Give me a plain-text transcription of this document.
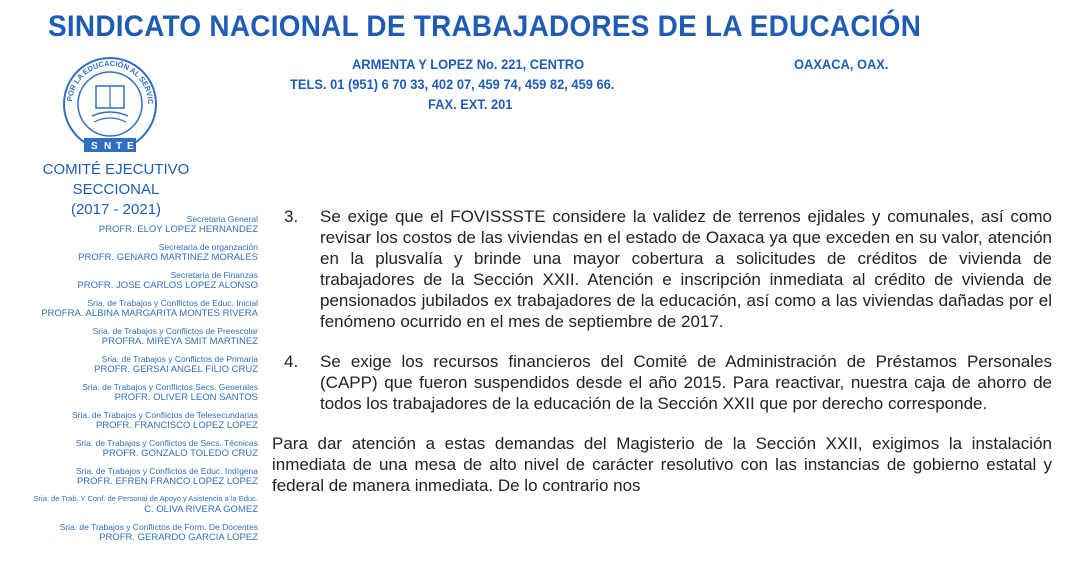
SINDICATO NACIONAL DE TRABAJADORES DE LA EDUCACIÓN
ARMENTA Y LOPEZ No. 221, CENTRO	OAXACA, OAX.
TELS. 01 (951) 6 70 33, 402 07, 459 74, 459 82, 459 66.
FAX. EXT. 201
POR LA EDUCACIÓN AL SERVIC
S N T E
COMITÉ EJECUTIVO SECCIONAL
(2017 - 2021)
Secretaria General
PROFR. ELOY LOPEZ HERNANDEZ
Secretaria de organzación
PROFR. GENARO MARTINEZ MORALES
Secretaria de Finanzas
PROFR. JOSE CARLOS LOPEZ ALONSO
Sria. de Trabajos y Conflictos de Educ. Inicial
PROFRA. ALBINA MARGARITA MONTES RIVERA
Sria. de Trabajos y Conflictos de Preescolar
PROFRA. MIREYA SMIT MARTINEZ
Sria. de Trabajos y Conflictos de Primaria
PROFR. GERSAI ANGEL FILIO CRUZ
Sria. de Trabajos y Conflictos Secs. Generales
PROFR. OLIVER LEON SANTOS
Sria. de Trabajos y Conflictos de Telesecundarias
PROFR. FRANCISCO LOPEZ LOPEZ
Sria. de Trabajos y Conflictos de Secs. Técnicas
PROFR. GONZALO TOLEDO CRUZ
Sria. de Trabajos y Conflictos de Educ. Indígena
PROFR. EFREN FRANCO LOPEZ LOPEZ
Sria. de Trab. Y Conf. de Personal de Apoyo y Asistencia a la Educ.
C. OLIVA RIVERA GOMEZ
Sria. de Trabajos y Conflictos de Form. De Docentes
PROFR. GERARDO GARCIA LOPEZ
3. Se exige que el FOVISSSTE considere la validez de terrenos ejidales y comunales, así como revisar los costos de las viviendas en el estado de Oaxaca ya que exceden en su valor, atención en la plusvalía y brinde una mayor cobertura a solicitudes de créditos de vivienda de trabajadores de la Sección XXII. Atención e inscripción inmediata al crédito de vivienda de pensionados jubilados ex trabajadores de la educación, así como a las viviendas dañadas por el fenómeno ocurrido en el mes de septiembre de 2017.
4. Se exige los recursos financieros del Comité de Administración de Préstamos Personales (CAPP) que fueron suspendidos desde el año 2015. Para reactivar, nuestra caja de ahorro de todos los trabajadores de la educación de la Sección XXII que por derecho corresponde.
Para dar atención a estas demandas del Magisterio de la Sección XXII, exigimos la instalación inmediata de una mesa de alto nivel de carácter resolutivo con las instancias de gobierno estatal y federal de manera inmediata. De lo contrario nos
